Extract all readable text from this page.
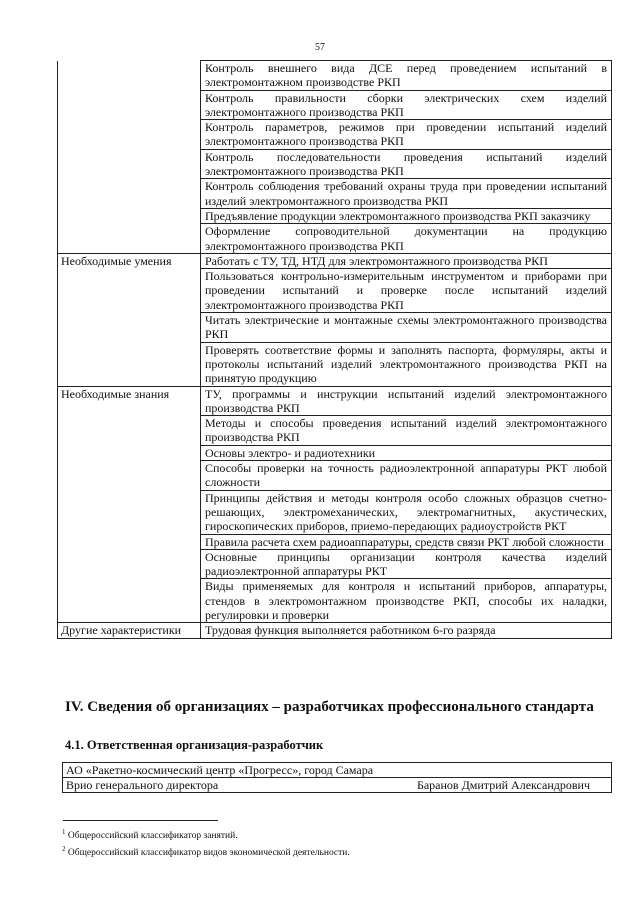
57
	Контроль внешнего вида ДСЕ перед проведением испытаний в электромонтажном производстве РКП
	Контроль правильности сборки электрических схем изделий электромонтажного производства РКП
	Контроль параметров, режимов при проведении испытаний изделий электромонтажного производства РКП
	Контроль последовательности проведения испытаний изделий электромонтажного производства РКП
	Контроль соблюдения требований охраны труда при проведении испытаний изделий электромонтажного производства РКП
	Предъявление продукции электромонтажного производства РКП заказчику
	Оформление сопроводительной документации на продукцию электромонтажного производства РКП
Необходимые умения	Работать с ТУ, ТД, НТД для электромонтажного производства РКП
	Пользоваться контрольно-измерительным инструментом и приборами при проведении испытаний и проверке после испытаний изделий электромонтажного производства РКП
	Читать электрические и монтажные схемы электромонтажного производства РКП
	Проверять соответствие формы и заполнять паспорта, формуляры, акты и протоколы испытаний изделий электромонтажного производства РКП на принятую продукцию
Необходимые знания	ТУ, программы и инструкции испытаний изделий электромонтажного производства РКП
	Методы и способы проведения испытаний изделий электромонтажного производства РКП
	Основы электро- и радиотехники
	Способы проверки на точность радиоэлектронной аппаратуры РКТ любой сложности
	Принципы действия и методы контроля особо сложных образцов счетно-решающих, электромеханических, электромагнитных, акустических, гироскопических приборов, приемо-передающих радиоустройств РКТ
	Правила расчета схем радиоаппаратуры, средств связи РКТ любой сложности
	Основные принципы организации контроля качества изделий радиоэлектронной аппаратуры РКТ
	Виды применяемых для контроля и испытаний приборов, аппаратуры, стендов в электромонтажном производстве РКП, способы их наладки, регулировки и проверки
Другие характеристики	Трудовая функция выполняется работником 6-го разряда
IV. Сведения об организациях – разработчиках профессионального стандарта
4.1. Ответственная организация-разработчик
АО «Ракетно-космический центр «Прогресс», город Самара

Врио генерального директора	Баранов Дмитрий Александрович
$^1$ Общероссийский классификатор занятий.
$^2$ Общероссийский классификатор видов экономической деятельности.
